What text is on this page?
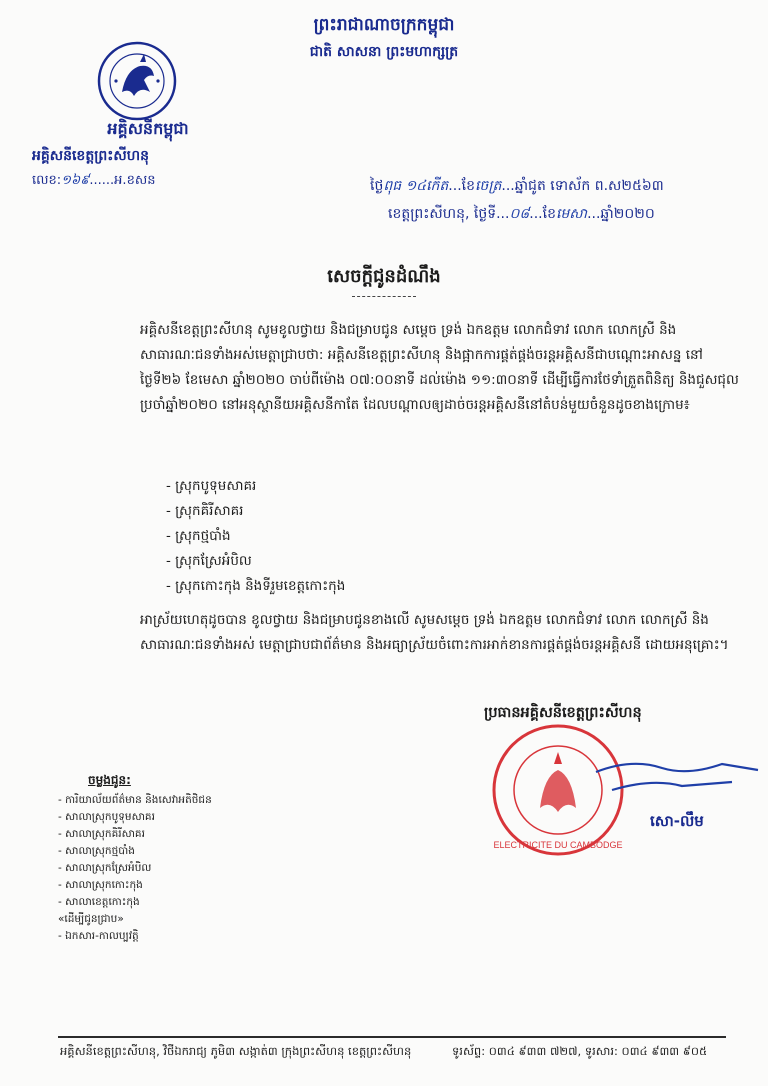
ព្រះរាជាណាចក្រកម្ពុជា
ជាតិ សាសនា ព្រះមហាក្សត្រ
អគ្គិសនីកម្ពុជា
អគ្គិសនីខេត្តព្រះសីហនុ
លេខ:១៦៩......អ.ខសន	ថ្ងៃពុធ ១៤កើត...ខែចេត្រ...ឆ្នាំជូត ទោស័ក ព.ស២៥៦៣
ខេត្តព្រះសីហនុ, ថ្ងៃទី...០៨...ខែមេសា...ឆ្នាំ២០២០
សេចក្តីជូនដំណឹង
អគ្គិសនីខេត្តព្រះសីហនុ សូមខូលថ្វាយ និងជម្រាបជូន សម្តេច ទ្រង់ ឯកឧត្តម លោកជំទាវ លោក លោកស្រី និងសាធារណៈជនទាំងអស់មេត្តាជ្រាបថា: អគ្គិសនីខេត្តព្រះសីហនុ និងផ្អាកការផ្គត់ផ្គង់ចរន្តអគ្គិសនីជាបណ្តោះអាសន្ន នៅថ្ងៃទី២៦ ខែមេសា ឆ្នាំ២០២០ ចាប់ពីម៉ោង ០៧:០០នាទី ដល់ម៉ោង ១១:៣០នាទី ដើម្បីធ្វើការថែទាំត្រួតពិនិត្យ និងជួសជុលប្រចាំឆ្នាំ២០២០ នៅអនុស្ថានីយអគ្គិសនីកាតែ ដែលបណ្តាលឲ្យដាច់ចរន្តអគ្គិសនីនៅតំបន់មួយចំនួនដូចខាងក្រោម៖
- ស្រុកបូទុមសាគរ
- ស្រុកគិរីសាគរ
- ស្រុកថ្មបាំង
- ស្រុកស្រែអំបិល
- ស្រុកកោះកុង និងទីរួមខេត្តកោះកុង
អាស្រ័យហេតុដូចបាន ខូលថ្វាយ និងជម្រាបជូនខាងលើ សូមសម្តេច ទ្រង់ ឯកឧត្តម លោកជំទាវ លោក លោកស្រី និងសាធារណៈជនទាំងអស់ មេត្តាជ្រាបជាព័ត៌មាន និងអធ្យាស្រ័យចំពោះការអាក់ខានការផ្គត់ផ្គង់ចរន្តអគ្គិសនី ដោយអនុគ្រោះ។
ប្រធានអគ្គិសនីខេត្តព្រះសីហនុ
ELECTRICITE DU CAMBODGE
សោ-លឹម
ចម្លងជូន:
- ការិយាល័យព័ត៌មាន និងសេវាអតិថិជន
- សាលាស្រុកបូទុមសាគរ
- សាលាស្រុកគិរីសាគរ
- សាលាស្រុកថ្មបាំង
- សាលាស្រុកស្រែអំបិល
- សាលាស្រុកកោះកុង
- សាលាខេត្តកោះកុង
«ដើម្បីជូនជ្រាប»
- ឯកសារ-កាលប្បវត្តិ
អគ្គិសនីខេត្តព្រះសីហនុ, វិថីឯករាជ្យ ភូមិ៣ សង្កាត់៣ ក្រុងព្រះសីហនុ ខេត្តព្រះសីហនុ	ទូរស័ព្ទ: ០៣៤ ៩៣៣ ៧២៧, ទូរសារ: ០៣៤ ៩៣៣ ៩០៥
